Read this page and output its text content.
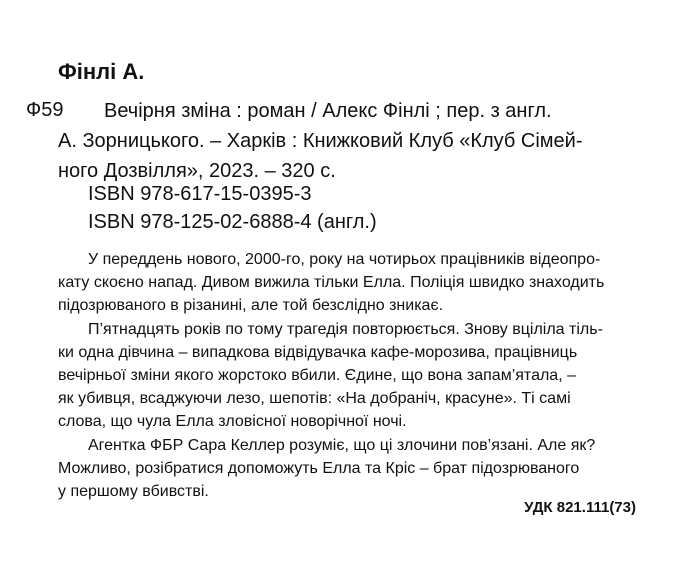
Фінлі А.
Ф59	Вечірня зміна : роман / Алекс Фінлі ; пер. з англ.
А. Зорницького. – Харків : Книжковий Клуб «Клуб Сімей-
ного Дозвілля», 2023. – 320 с.

ISBN 978-617-15-0395-3
ISBN 978-125-02-6888-4 (англ.)

У переддень нового, 2000-го, року на чотирьох працівників відеопро-
кату скоєно напад. Дивом вижила тільки Елла. Поліція швидко знаходить
підозрюваного в різанині, але той безслідно зникає.
П’ятнадцять років по тому трагедія повторюється. Знову вціліла тіль-
ки одна дівчина – випадкова відвідувачка кафе-морозива, працівниць
вечірньої зміни якого жорстоко вбили. Єдине, що вона запам’ятала, –
як убивця, всаджуючи лезо, шепотів: «На добраніч, красуне». Ті самі
слова, що чула Елла зловісної новорічної ночі.
Агентка ФБР Сара Келлер розуміє, що ці злочини пов’язані. Але як?
Можливо, розібратися допоможуть Елла та Кріс – брат підозрюваного
у першому вбивстві.
УДК 821.111(73)
